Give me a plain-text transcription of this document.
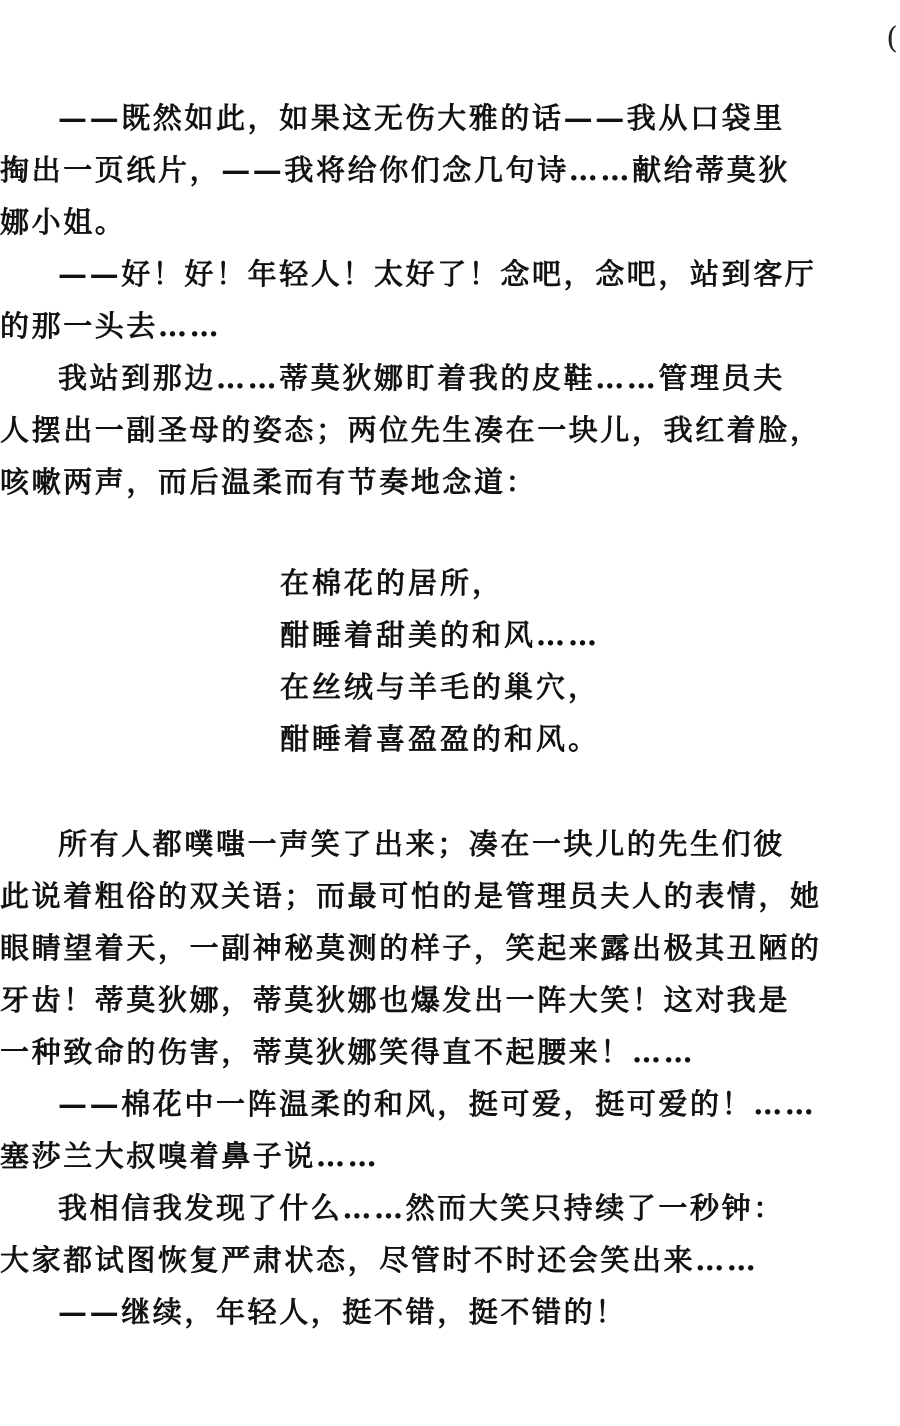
(
——既然如此，如果这无伤大雅的话——我从口袋里
掏出一页纸片，——我将给你们念几句诗……献给蒂莫狄
娜小姐。
——好！好！年轻人！太好了！念吧，念吧，站到客厅
的那一头去……
我站到那边……蒂莫狄娜盯着我的皮鞋……管理员夫
人摆出一副圣母的姿态；两位先生凑在一块儿，我红着脸，
咳嗽两声，而后温柔而有节奏地念道：
在棉花的居所，
酣睡着甜美的和风……
在丝绒与羊毛的巢穴，
酣睡着喜盈盈的和风。
所有人都噗嗤一声笑了出来；凑在一块儿的先生们彼
此说着粗俗的双关语；而最可怕的是管理员夫人的表情，她
眼睛望着天，一副神秘莫测的样子，笑起来露出极其丑陋的
牙齿！蒂莫狄娜，蒂莫狄娜也爆发出一阵大笑！这对我是
一种致命的伤害，蒂莫狄娜笑得直不起腰来！……
——棉花中一阵温柔的和风，挺可爱，挺可爱的！……
塞莎兰大叔嗅着鼻子说……
我相信我发现了什么……然而大笑只持续了一秒钟：
大家都试图恢复严肃状态，尽管时不时还会笑出来……
——继续，年轻人，挺不错，挺不错的！
